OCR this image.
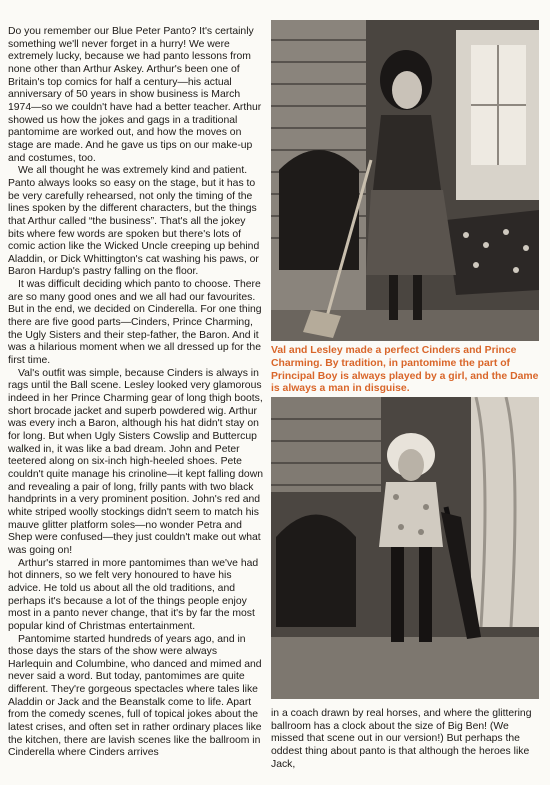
Do you remember our Blue Peter Panto? It's certainly something we'll never forget in a hurry! We were extremely lucky, because we had panto lessons from none other than Arthur Askey. Arthur's been one of Britain's top comics for half a century—his actual anniversary of 50 years in show business is March 1974—so we couldn't have had a better teacher. Arthur showed us how the jokes and gags in a traditional pantomime are worked out, and how the moves on stage are made. And he gave us tips on our make-up and costumes, too.

We all thought he was extremely kind and patient. Panto always looks so easy on the stage, but it has to be very carefully rehearsed, not only the timing of the lines spoken by the different characters, but the things that Arthur called “the business”. That's all the jokey bits where few words are spoken but there's lots of comic action like the Wicked Uncle creeping up behind Aladdin, or Dick Whittington's cat washing his paws, or Baron Hardup's pastry falling on the floor.

It was difficult deciding which panto to choose. There are so many good ones and we all had our favourites. But in the end, we decided on Cinderella. For one thing there are five good parts—Cinders, Prince Charming, the Ugly Sisters and their step-father, the Baron. And it was a hilarious moment when we all dressed up for the first time.

Val's outfit was simple, because Cinders is always in rags until the Ball scene. Lesley looked very glamorous indeed in her Prince Charming gear of long thigh boots, short brocade jacket and superb powdered wig. Arthur was every inch a Baron, although his hat didn't stay on for long. But when Ugly Sisters Cowslip and Buttercup walked in, it was like a bad dream. John and Peter teetered along on six-inch high-heeled shoes. Pete couldn't quite manage his crinoline—it kept falling down and revealing a pair of long, frilly pants with two black handprints in a very prominent position. John's red and white striped woolly stockings didn't seem to match his mauve glitter platform soles—no wonder Petra and Shep were confused—they just couldn't make out what was going on!

Arthur's starred in more pantomimes than we've had hot dinners, so we felt very honoured to have his advice. He told us about all the old traditions, and perhaps it's because a lot of the things people enjoy most in a panto never change, that it's by far the most popular kind of Christmas entertainment.

Pantomime started hundreds of years ago, and in those days the stars of the show were always Harlequin and Columbine, who danced and mimed and never said a word. But today, pantomimes are quite different. They're gorgeous spectacles where tales like Aladdin or Jack and the Beanstalk come to life. Apart from the comedy scenes, full of topical jokes about the latest crises, and often set in rather ordinary places like the kitchen, there are lavish scenes like the ballroom in Cinderella where Cinders arrives

Val and Lesley made a perfect Cinders and Prince Charming. By tradition, in pantomime the part of Principal Boy is always played by a girl, and the Dame is always a man in disguise.

in a coach drawn by real horses, and where the glittering ballroom has a clock about the size of Big Ben! (We missed that scene out in our version!) But perhaps the oddest thing about panto is that although the heroes like Jack,
